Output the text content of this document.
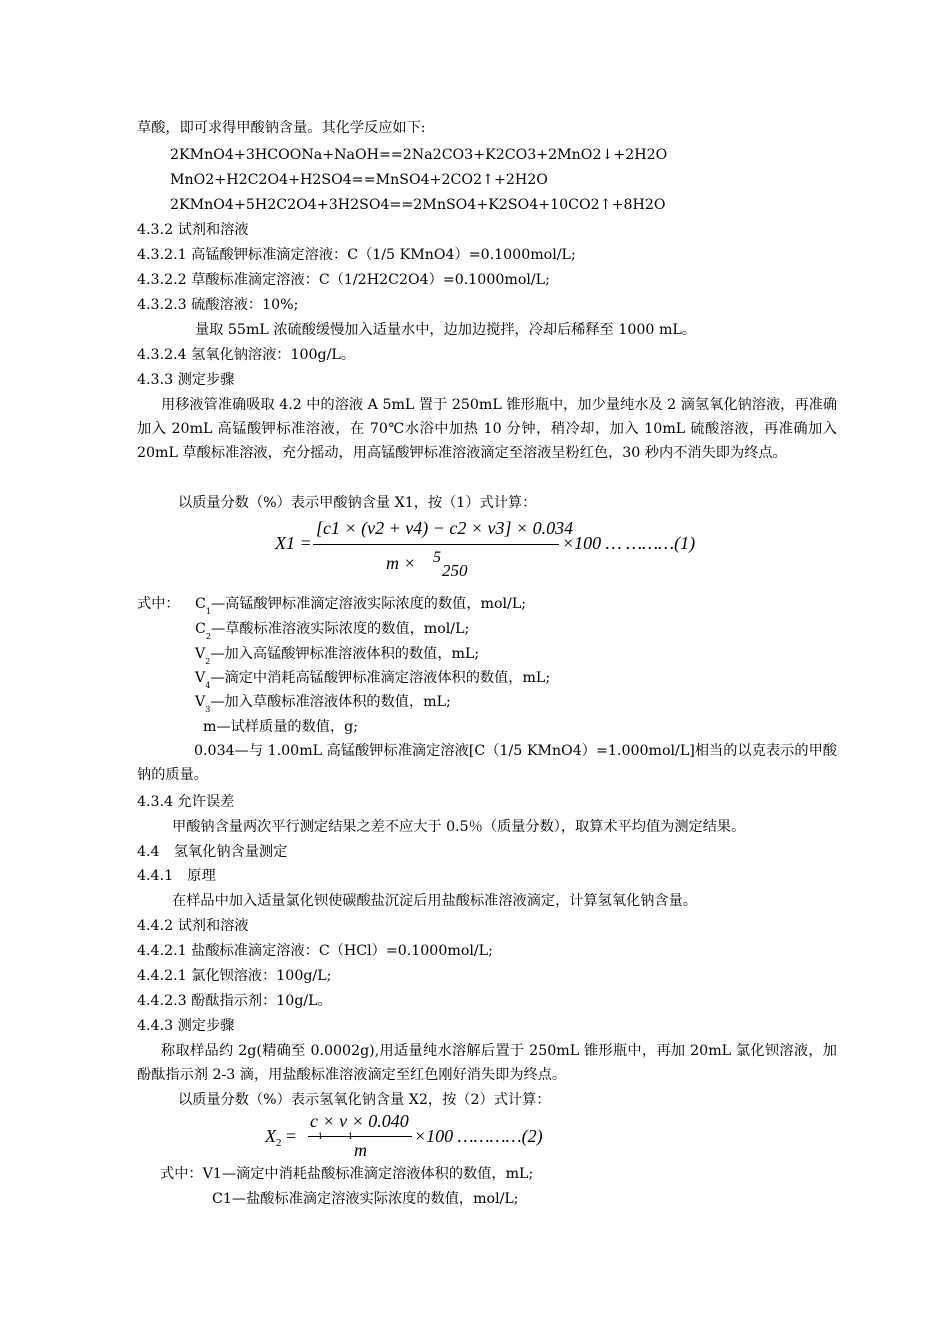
草酸，即可求得甲酸钠含量。其化学反应如下:
2KMnO4+3HCOONa+NaOH==2Na2CO3+K2CO3+2MnO2↓+2H2O
MnO2+H2C2O4+H2SO4==MnSO4+2CO2↑+2H2O
2KMnO4+5H2C2O4+3H2SO4==2MnSO4+K2SO4+10CO2↑+8H2O
4.3.2 试剂和溶液
4.3.2.1 高锰酸钾标准滴定溶液：C（1/5 KMnO4）=0.1000mol/L;
4.3.2.2 草酸标准滴定溶液：C（1/2H2C2O4）=0.1000mol/L;
4.3.2.3 硫酸溶液：10%;
量取 55mL 浓硫酸缓慢加入适量水中，边加边搅拌，冷却后稀释至 1000 mL。
4.3.2.4 氢氧化钠溶液：100g/L。
4.3.3 测定步骤
用移液管准确吸取 4.2 中的溶液 A 5mL 置于 250mL 锥形瓶中，加少量纯水及 2 滴氢氧化钠溶液，再准确加入 20mL 高锰酸钾标准溶液，在 70℃水浴中加热 10 分钟，稍冷却，加入 10mL 硫酸溶液，再准确加入 20mL 草酸标准溶液，充分摇动，用高锰酸钾标准溶液滴定至溶液呈粉红色，30 秒内不消失即为终点。
以质量分数（%）表示甲酸钠含量 X1，按（1）式计算：
X1 =
[c1 × (v2 + v4) − c2 × v3] × 0.034
m × 5
250
×100 … ………(1)
式中： $C_1—$高锰酸钾标准滴定溶液实际浓度的数值，mol/L;
$C_2—$草酸标准溶液实际浓度的数值，mol/L;
$V_2—$加入高锰酸钾标准溶液体积的数值，mL;
$V_4—$滴定中消耗高锰酸钾标准滴定溶液体积的数值，mL;
$V_3—$加入草酸标准溶液体积的数值，mL;
m—试样质量的数值，g;
0.034—与 1.00mL 高锰酸钾标准滴定溶液[C（1/5 KMnO4）=1.000mol/L]相当的以克表示的甲酸钠的质量。
4.3.4 允许误差
甲酸钠含量两次平行测定结果之差不应大于 0.5％（质量分数），取算术平均值为测定结果。
4.4　氢氧化钠含量测定
4.4.1　原理
在样品中加入适量氯化钡使碳酸盐沉淀后用盐酸标准溶液滴定，计算氢氧化钠含量。
4.4.2 试剂和溶液
4.4.2.1 盐酸标准滴定溶液：C（HCl）=0.1000mol/L;
4.4.2.1 氯化钡溶液：100g/L;
4.4.2.3 酚酞指示剂：10g/L。
4.4.3 测定步骤
称取样品约 2g(精确至 0.0002g),用适量纯水溶解后置于 250mL 锥形瓶中，再加 20mL 氯化钡溶液，加酚酞指示剂 2-3 滴，用盐酸标准溶液滴定至红色刚好消失即为终点。
以质量分数（%）表示氢氧化钠含量 X2，按（2）式计算：
$X_2$ =
c × v × 0.040
m
×100 …………(2)
式中：V1—滴定中消耗盐酸标准滴定溶液体积的数值，mL;
C1—盐酸标准滴定溶液实际浓度的数值，mol/L;
